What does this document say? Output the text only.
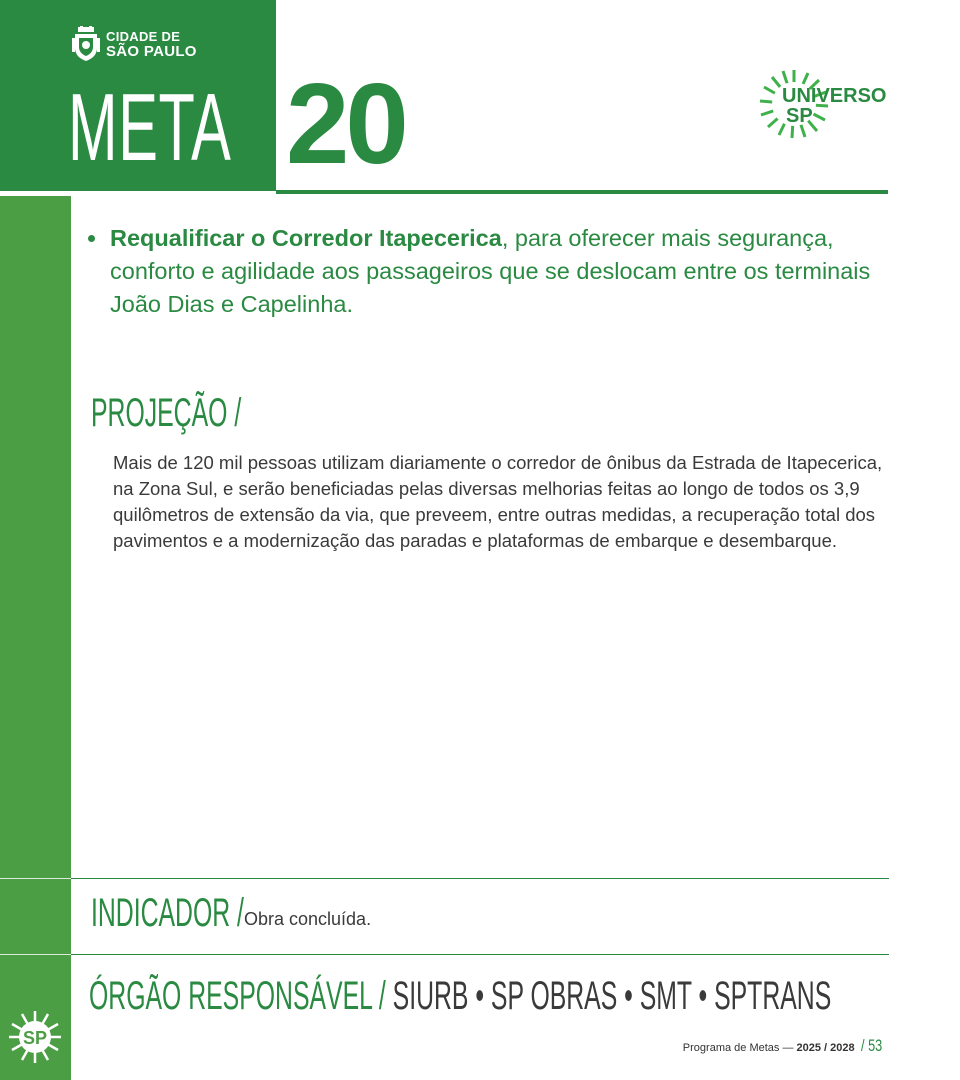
CIDADE DE
SÃO PAULO
META 20	UNIVERSO
SP
Requalificar o Corredor Itapecerica, para oferecer mais segurança, conforto e agilidade aos passageiros que se deslocam entre os terminais João Dias e Capelinha.
PROJEÇÃO /
Mais de 120 mil pessoas utilizam diariamente o corredor de ônibus da Estrada de Itapecerica, na Zona Sul, e serão beneficiadas pelas diversas melhorias feitas ao longo de todos os 3,9 quilômetros de extensão da via, que preveem, entre outras medidas, a recuperação total dos pavimentos e a modernização das paradas e plataformas de embarque e desembarque.
INDICADOR / Obra concluída.
ÓRGÃO RESPONSÁVEL / SIURB • SP OBRAS • SMT • SPTRANS
SP	Programa de Metas — 2025 / 2028 / 53
